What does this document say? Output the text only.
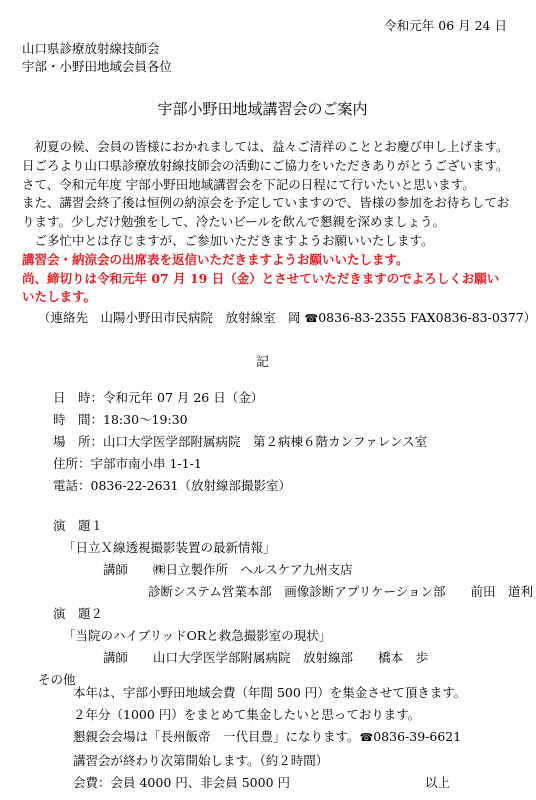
令和元年 06 月 24 日
山口県診療放射線技師会
宇部・小野田地域会員各位
宇部小野田地域講習会のご案内

　初夏の候、会員の皆様におかれましては、益々ご清祥のこととお慶び申し上げます。

日ごろより山口県診療放射線技師会の活動にご協力をいただきありがとうございます。

さて、令和元年度 宇部小野田地域講習会を下記の日程にて行いたいと思います。

また、講習会終了後は恒例の納涼会を予定していますので、皆様の参加をお待ちしてお

ります。少しだけ勉強をして、冷たいビールを飲んで懇親を深めましょう。

　ご多忙中とは存じますが、ご参加いただきますようお願いいたします。

講習会・納涼会の出席表を返信いただきますようお願いいたします。

尚、締切りは令和元年 07 月 19 日（金）とさせていただきますのでよろしくお願い

いたします。

（連絡先　山陽小野田市民病院　放射線室　岡 ☎0836-83-2355 FAX0836-83-0377）
記
日　時：令和元年 07 月 26 日（金）
時　間：18:30～19:30
場　所：山口大学医学部附属病院　第２病棟６階カンファレンス室
住所：宇部市南小串 1-1-1
電話：0836-22-2631（放射線部撮影室）
演　題１
「日立Ｘ線透視撮影装置の最新情報」
講師　　 ㈱日立製作所　ヘルスケア九州支店
診断システム営業本部　画像診断アプリケーション部　　 前田　道利
演　題２
「当院のハイブリッドORと救急撮影室の現状」
講師　　 山口大学医学部附属病院　放射線部　　 橋本　歩
その他
本年は、宇部小野田地域会費（年間 500 円）を集金させて頂きます。
２年分（1000 円）をまとめて集金したいと思っております。
懇親会会場は「長州飯帝　一代目豊」になります。☎0836-39-6621
講習会が終わり次第開始します。（約２時間）
会費：会員 4000 円、非会員 5000 円	以上
